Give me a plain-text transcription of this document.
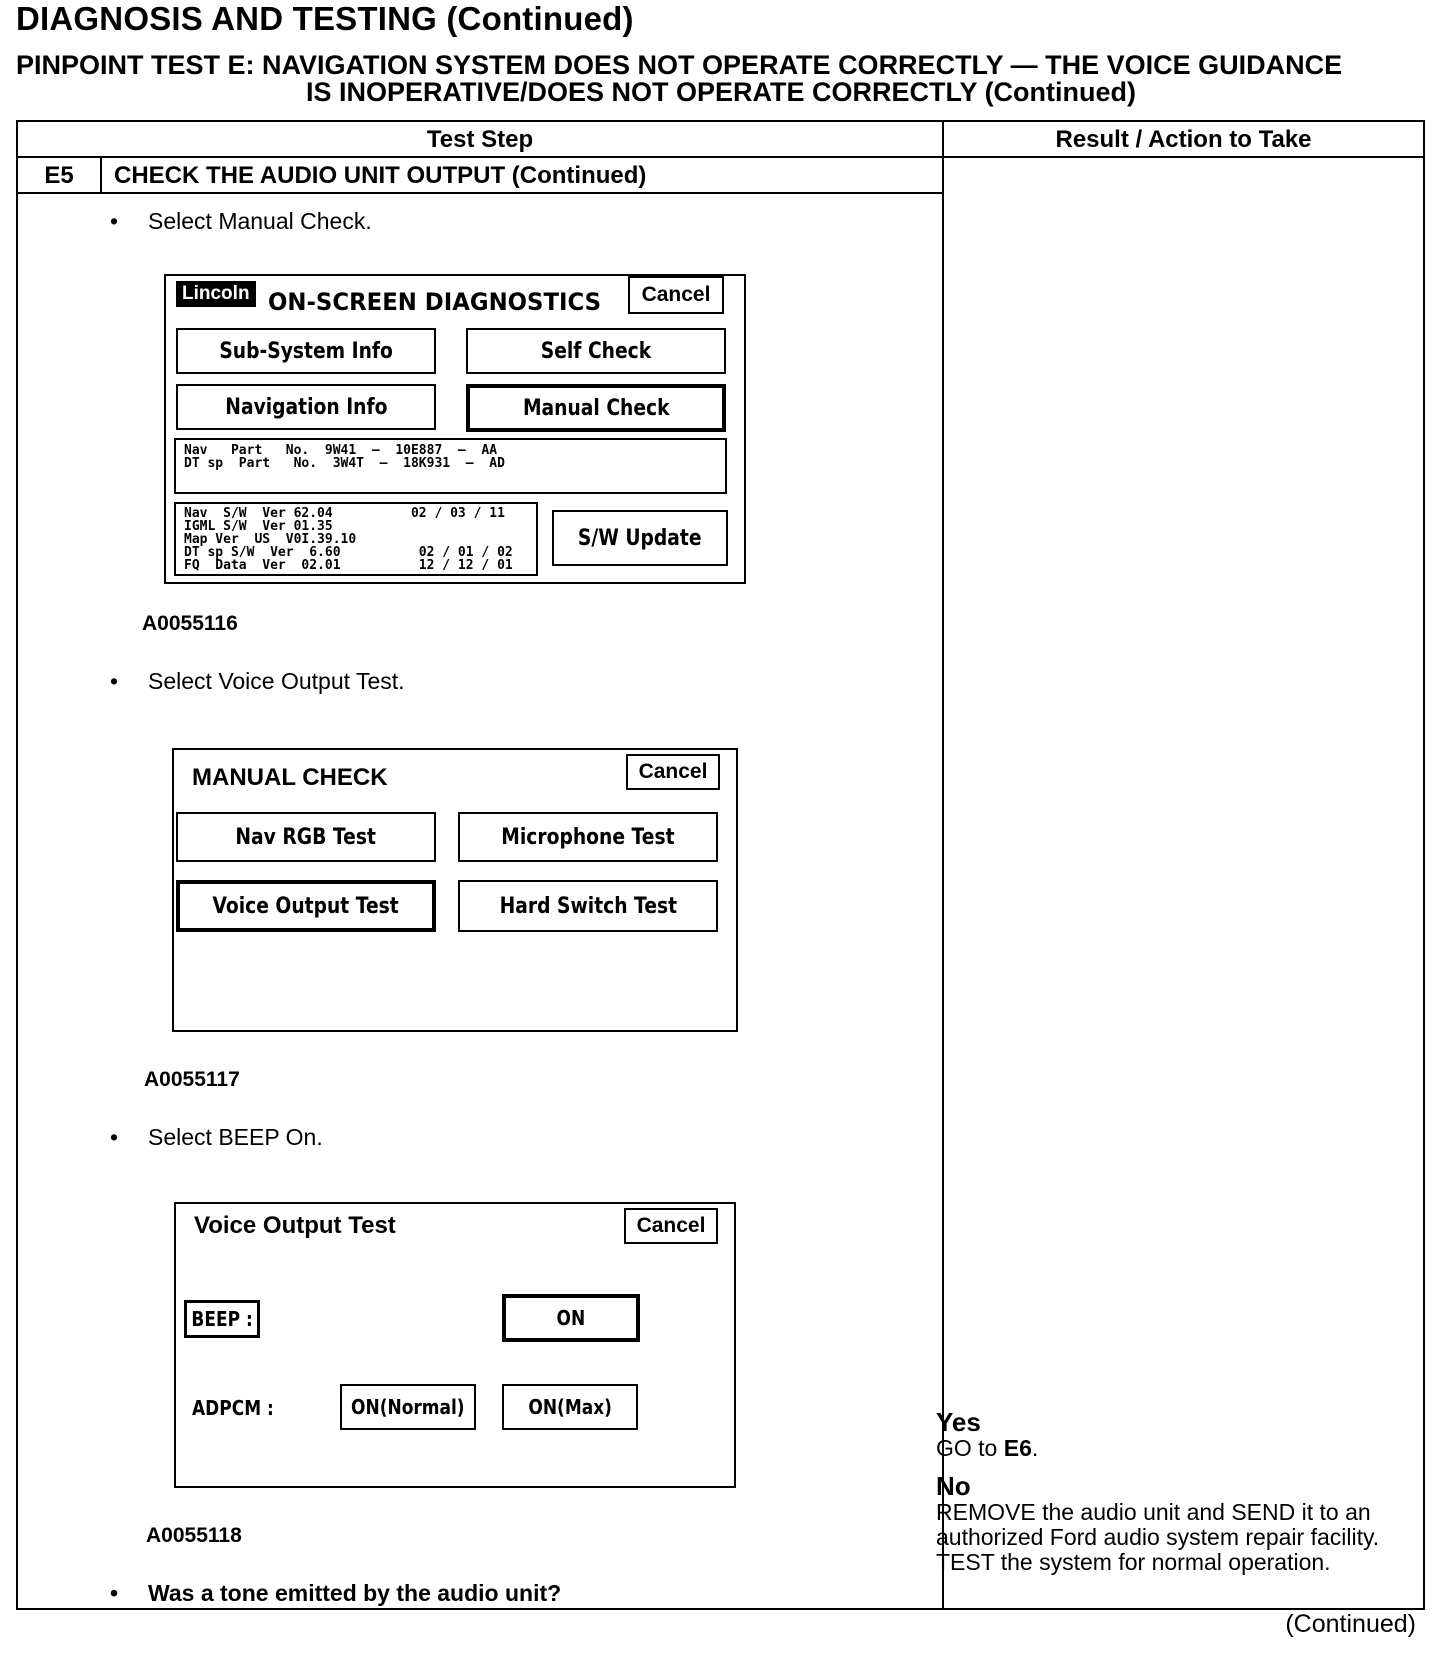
DIAGNOSIS AND TESTING (Continued)
PINPOINT TEST E: NAVIGATION SYSTEM DOES NOT OPERATE CORRECTLY — THE VOICE GUIDANCE
IS INOPERATIVE/DOES NOT OPERATE CORRECTLY (Continued)
Test Step	Result / Action to Take
E5	CHECK THE AUDIO UNIT OUTPUT (Continued)
• Select Manual Check.
Lincoln ON-SCREEN DIAGNOSTICS	Cancel
Sub-System Info	Self Check
Navigation Info	Manual Check
Nav   Part   No.  9W41  –  10E887  –  AA
DT sp  Part   No.  3W4T  –  18K931  –  AD
Nav  S/W  Ver 62.04          02 / 03 / 11
IGML S/W  Ver 01.35
Map Ver  US  V0I.39.10
DT sp S/W  Ver  6.60          02 / 01 / 02
FQ  Data  Ver  02.01          12 / 12 / 01
S/W Update
A0055116
• Select Voice Output Test.
MANUAL CHECK	Cancel
Nav RGB Test	Microphone Test
Voice Output Test	Hard Switch Test
A0055117
• Select BEEP On.
Voice Output Test	Cancel
BEEP :	ON
ADPCM :	ON(Normal)	ON(Max)
A0055118
• Was a tone emitted by the audio unit?
Yes
GO to E6.
No
REMOVE the audio unit and SEND it to an authorized Ford audio system repair facility.
TEST the system for normal operation.
(Continued)
